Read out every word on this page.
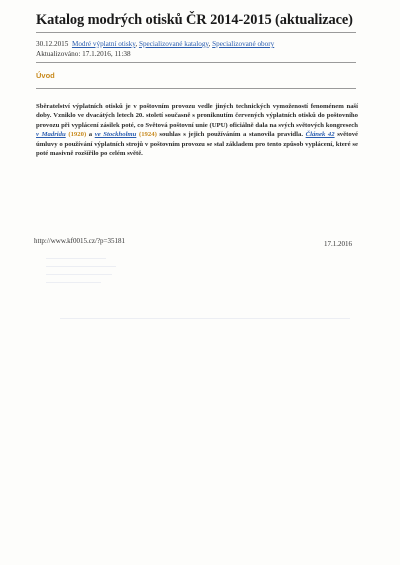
Katalog modrých otisků ČR 2014-2015 (aktualizace)
30.12.2015 Modré výplatní otisky, Specializované katalogy, Specializované obory
Aktualizováno: 17.1.2016, 11:38
Úvod
Sběratelství výplatních otisků je v poštovním provozu vedle jiných technických vymožeností fenoménem naší doby. Vzniklo ve dvacátých letech 20. století současně s proniknutím červených výplatních otisků do poštovního provozu při vyplácení zásilek poté, co Světová poštovní unie (UPU) oficiálně dala na svých světových kongresech v Madridu (1920) a ve Stockholmu (1924) souhlas s jejich používáním a stanovila pravidla. Článek 42 světové úmluvy o používání výplatních strojů v poštovním provozu se stal základem pro tento způsob vyplácení, které se poté masivně rozšířilo po celém světě.
http://www.kf0015.cz/?p=35181	17.1.2016
